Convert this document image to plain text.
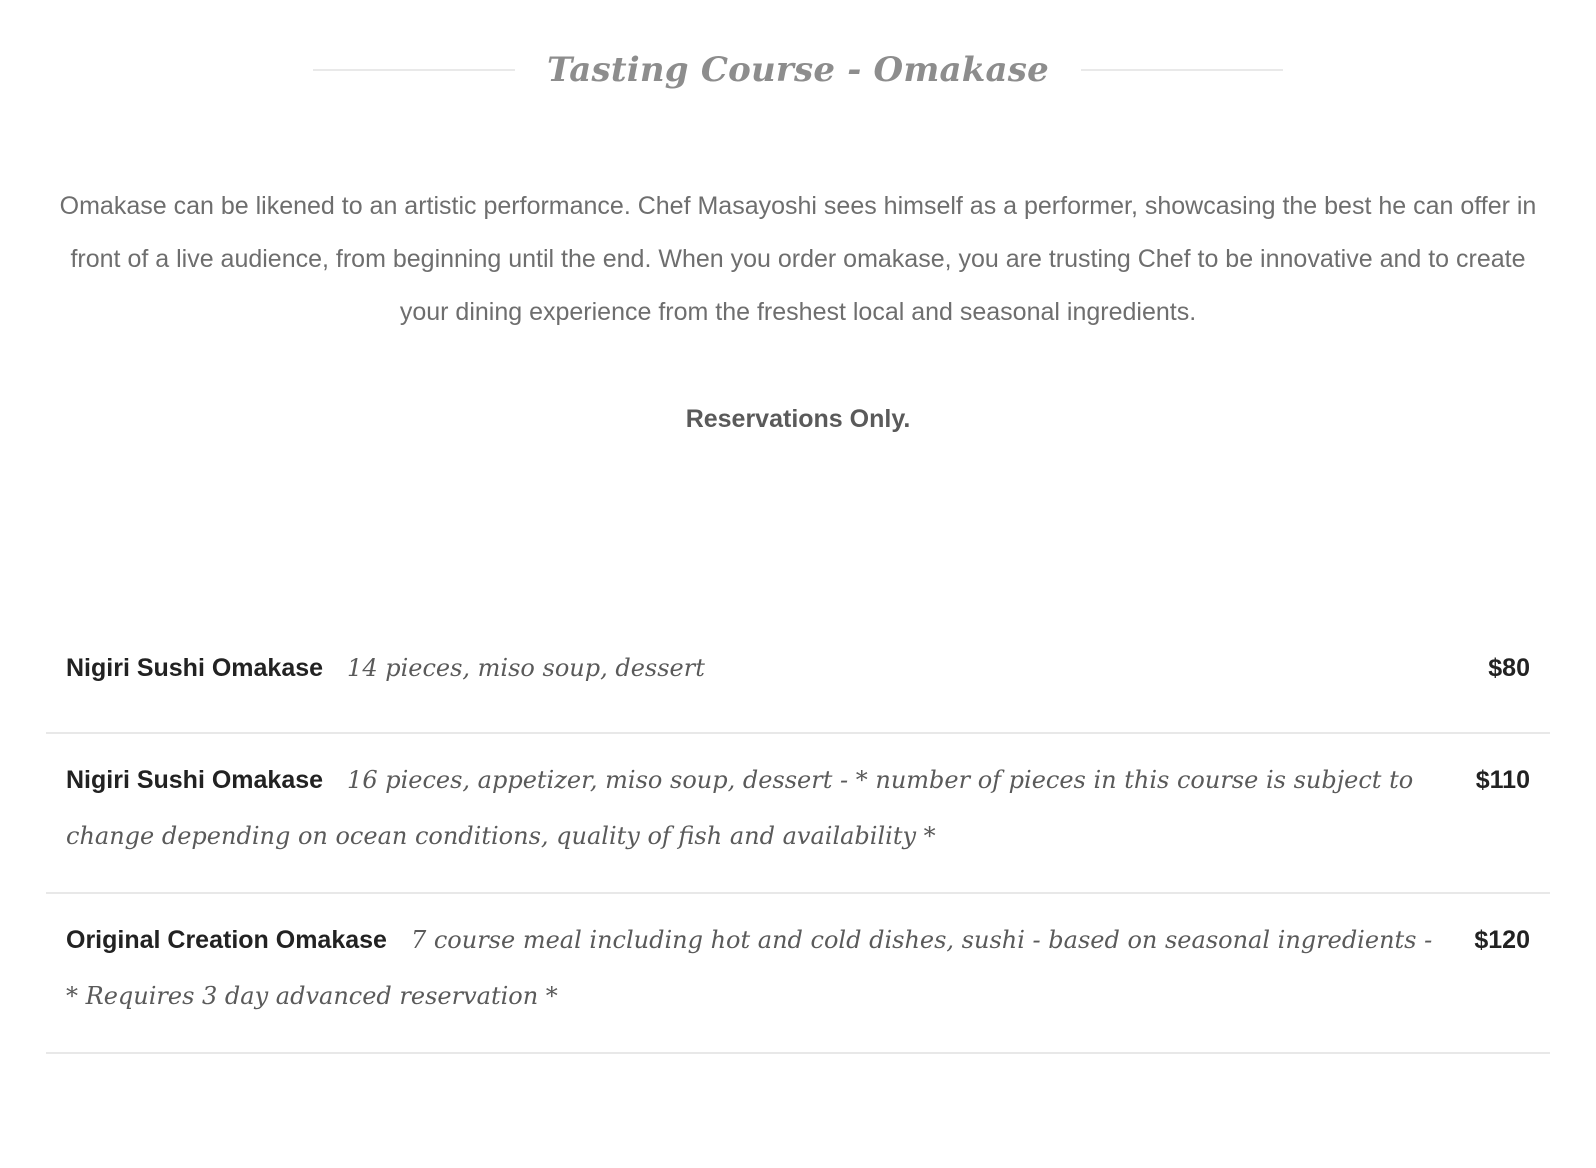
Tasting Course - Omakase

Omakase can be likened to an artistic performance. Chef Masayoshi sees himself as a performer, showcasing the best he can offer in front of a live audience, from beginning until the end. When you order omakase, you are trusting Chef to be innovative and to create your dining experience from the freshest local and seasonal ingredients.

Reservations Only.

Nigiri Sushi Omakase 14 pieces, miso soup, dessert	$80
Nigiri Sushi Omakase 16 pieces, appetizer, miso soup, dessert - * number of pieces in this course is subject to change depending on ocean conditions, quality of fish and availability *
$110
Original Creation Omakase 7 course meal including hot and cold dishes, sushi - based on seasonal ingredients - * Requires 3 day advanced reservation *
$120
